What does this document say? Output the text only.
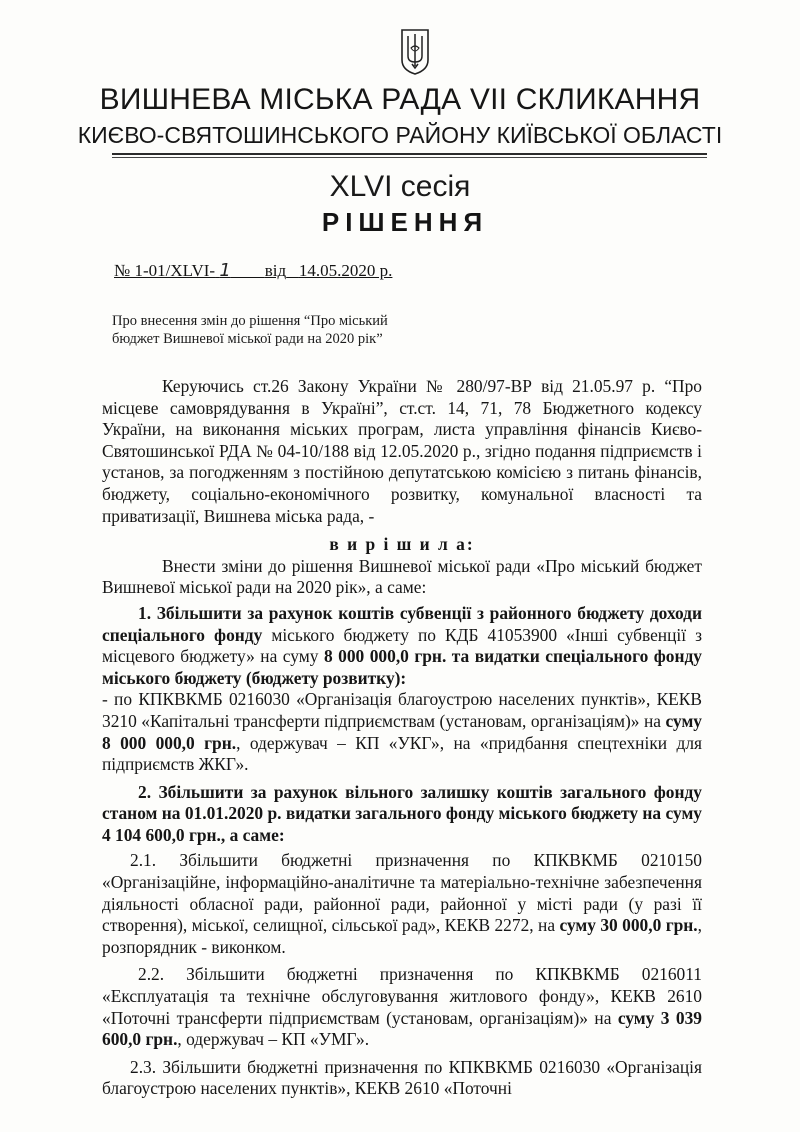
ВИШНЕВА МІСЬКА РАДА VII СКЛИКАННЯ
КИЄВО-СВЯТОШИНСЬКОГО РАЙОНУ КИЇВСЬКОЇ ОБЛАСТІ
XLVI сесія
РІШЕННЯ
№ 1-01/XLVI- 1 від 14.05.2020 р.
Про внесення змін до рішення “Про міський бюджет Вишневої міської ради на 2020 рік”

Керуючись ст.26 Закону України № 280/97-ВР від 21.05.97 р. “Про місцеве самоврядування в Україні”, ст.ст. 14, 71, 78 Бюджетного кодексу України, на виконання міських програм, листа управління фінансів Києво-Святошинської РДА № 04-10/188 від 12.05.2020 р., згідно подання підприємств і установ, за погодженням з постійною депутатською комісією з питань фінансів, бюджету, соціально-економічного розвитку, комунальної власності та приватизації, Вишнева міська рада, -

в и р і ш и л а:

Внести зміни до рішення Вишневої міської ради «Про міський бюджет Вишневої міської ради на 2020 рік», а саме:

1. Збільшити за рахунок коштів субвенції з районного бюджету доходи спеціального фонду міського бюджету по КДБ 41053900 «Інші субвенції з місцевого бюджету» на суму 8 000 000,0 грн. та видатки спеціального фонду міського бюджету (бюджету розвитку):

- по КПКВКМБ 0216030 «Організація благоустрою населених пунктів», КЕКВ 3210 «Капітальні трансферти підприємствам (установам, організаціям)» на суму 8 000 000,0 грн., одержувач – КП «УКГ», на «придбання спецтехніки для підприємств ЖКГ».

2. Збільшити за рахунок вільного залишку коштів загального фонду станом на 01.01.2020 р. видатки загального фонду міського бюджету на суму 4 104 600,0 грн., а саме:

2.1. Збільшити бюджетні призначення по КПКВКМБ 0210150 «Організаційне, інформаційно-аналітичне та матеріально-технічне забезпечення діяльності обласної ради, районної ради, районної у місті ради (у разі її створення), міської, селищної, сільської рад», КЕКВ 2272, на суму 30 000,0 грн., розпорядник - виконком.

2.2. Збільшити бюджетні призначення по КПКВКМБ 0216011 «Експлуатація та технічне обслуговування житлового фонду», КЕКВ 2610 «Поточні трансферти підприємствам (установам, організаціям)» на суму 3 039 600,0 грн., одержувач – КП «УМГ».

2.3. Збільшити бюджетні призначення по КПКВКМБ 0216030 «Організація благоустрою населених пунктів», КЕКВ 2610 «Поточні
